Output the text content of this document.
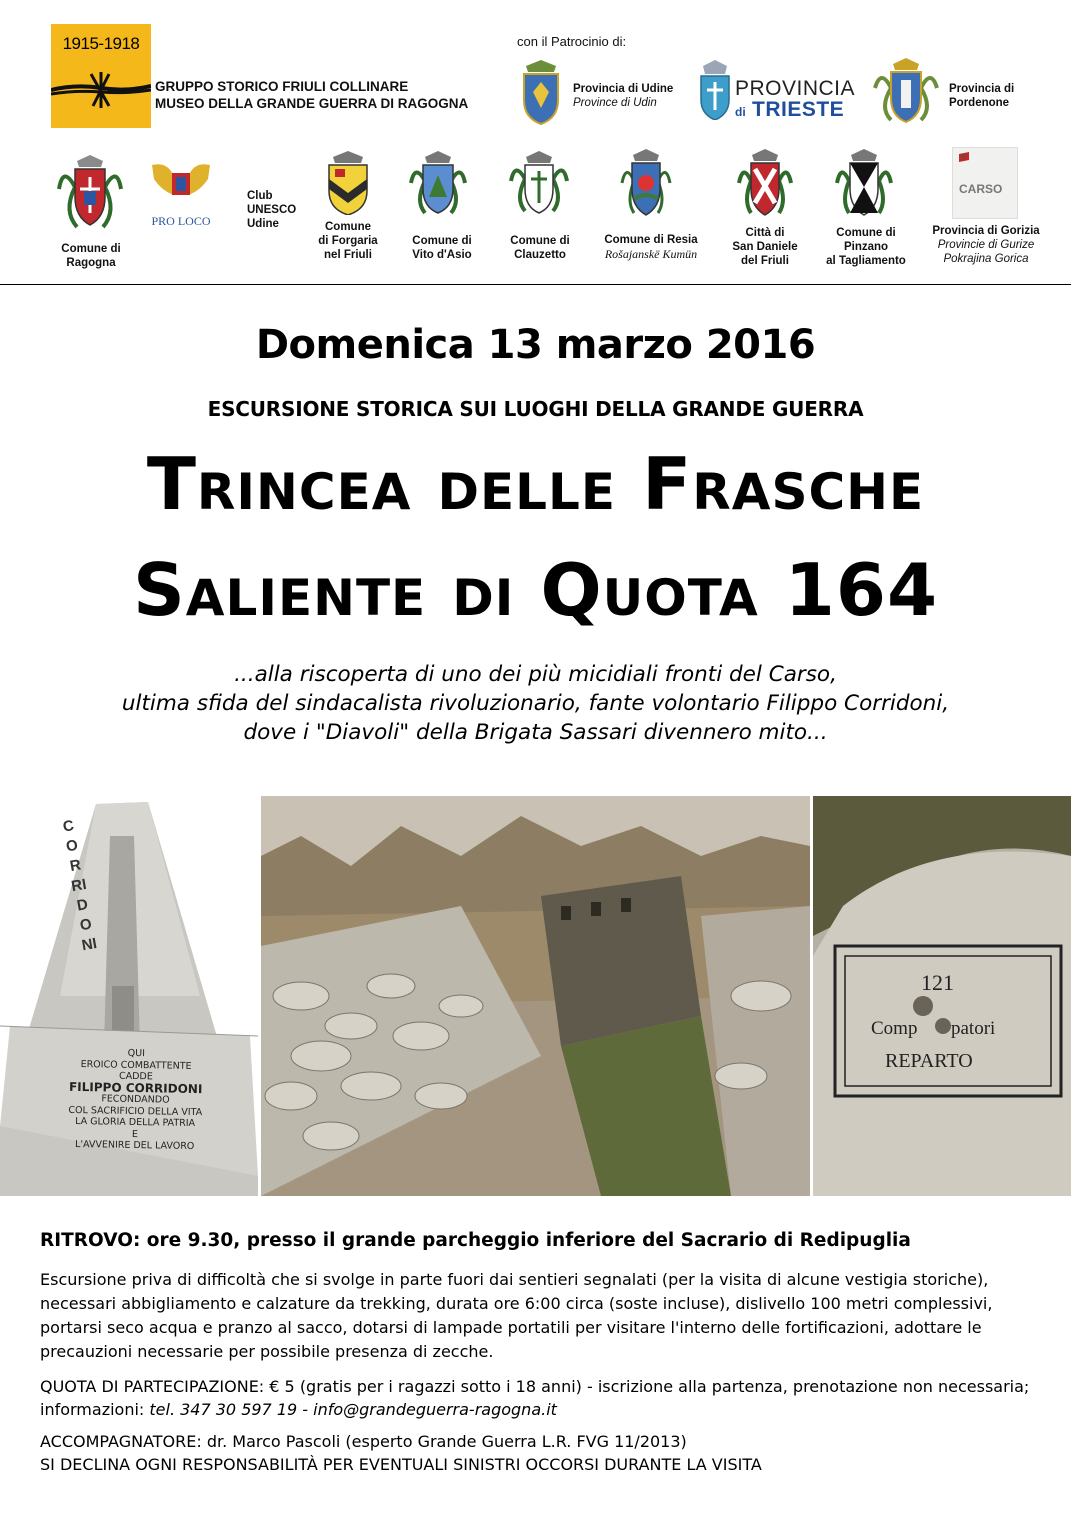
1915-1918
GRUPPO STORICO FRIULI COLLINARE
MUSEO DELLA GRANDE GUERRA DI RAGOGNA
con il Patrocinio di:
Provincia di Udine
Province di Udin
PROVINCIA
di TRIESTE
Provincia di
Pordenone
Comune di
Ragogna
PRO LOCO
Club
UNESCO
Udine	Comune
di Forgaria
nel Friuli
Comune di
Vito d'Asio
Comune di
Clauzetto
Comune di Resia
Rošajanskë Kumün
Città di
San Daniele
del Friuli
Comune di
Pinzano
al Tagliamento
CARSO
Provincia di Gorizia
Provincie di Gurize
Pokrajina Gorica
Domenica 13 marzo 2016
ESCURSIONE STORICA SUI LUOGHI DELLA GRANDE GUERRA
Trincea delle Frasche
Saliente di Quota 164
...alla riscoperta di uno dei più micidiali fronti del Carso,
ultima sfida del sindacalista rivoluzionario, fante volontario Filippo Corridoni,
dove i "Diavoli" della Brigata Sassari divennero mito...
CORRIDONI
QUI
EROICO COMBATTENTE
CADDE
FILIPPO CORRIDONI
FECONDANDO
COL SACRIFICIO DELLA VITA
LA GLORIA DELLA PATRIA
E
L'AVVENIRE DEL LAVORO
121
Comp patori
REPARTO
RITROVO: ore 9.30, presso il grande parcheggio inferiore del Sacrario di Redipuglia
Escursione priva di difficoltà che si svolge in parte fuori dai sentieri segnalati (per la visita di alcune vestigia storiche), necessari abbigliamento e calzature da trekking, durata ore 6:00 circa (soste incluse), dislivello 100 metri complessivi, portarsi seco acqua e pranzo al sacco, dotarsi di lampade portatili per visitare l'interno delle fortificazioni, adottare le precauzioni necessarie per possibile presenza di zecche.
QUOTA DI PARTECIPAZIONE: € 5 (gratis per i ragazzi sotto i 18 anni) - iscrizione alla partenza, prenotazione non necessaria; informazioni: tel. 347 30 597 19 - info@grandeguerra-ragogna.it
ACCOMPAGNATORE: dr. Marco Pascoli (esperto Grande Guerra L.R. FVG 11/2013)
SI DECLINA OGNI RESPONSABILITÀ PER EVENTUALI SINISTRI OCCORSI DURANTE LA VISITA
